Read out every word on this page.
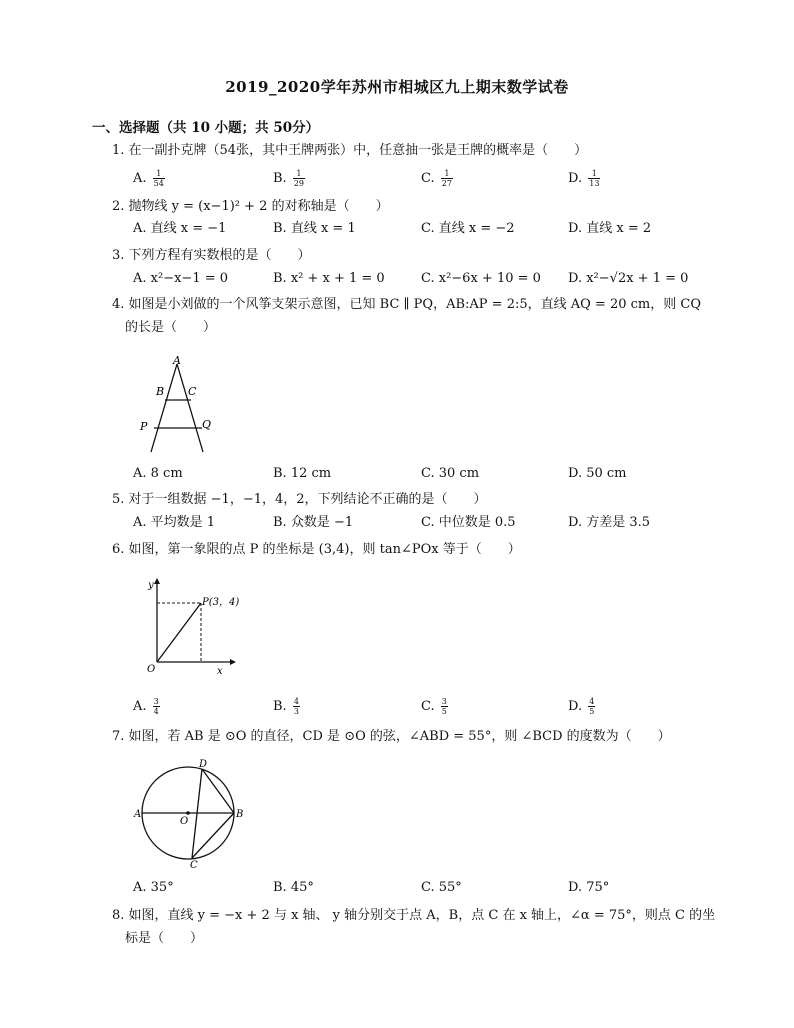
2019_2020学年苏州市相城区九上期末数学试卷
一、选择题（共 10 小题；共 50分）
1. 在一副扑克牌（54张，其中王牌两张）中，任意抽一张是王牌的概率是（　　）
A. $\frac{1}{54}$	B. $\frac{1}{29}$	C. $\frac{1}{27}$	D. $\frac{1}{13}$
2. 抛物线 y = (x−1)² + 2 的对称轴是（　　）
A. 直线 x = −1	B. 直线 x = 1	C. 直线 x = −2	D. 直线 x = 2
3. 下列方程有实数根的是（　　）
A. x²−x−1 = 0	B. x² + x + 1 = 0	C. x²−6x + 10 = 0 D. x²−√2x + 1 = 0
4. 如图是小刘做的一个风筝支架示意图，已知 BC ∥ PQ，AB:AP = 2:5，直线 AQ = 20 cm，则 CQ
的长是（　　）
A
B C
P	Q
A. 8 cm	B. 12 cm	C. 30 cm	D. 50 cm
5. 对于一组数据 −1，−1，4，2，下列结论不正确的是（　　）
A. 平均数是 1	B. 众数是 −1	C. 中位数是 0.5	D. 方差是 3.5
6. 如图，第一象限的点 P 的坐标是 (3,4)，则 tan∠POx 等于（　　）
y
x
O
P(3，4)
A. $\frac{3}{4}$	B. $\frac{4}{3}$	C. $\frac{3}{5}$	D. $\frac{4}{5}$
7. 如图，若 AB 是 ⊙O 的直径，CD 是 ⊙O 的弦，∠ABD = 55°，则 ∠BCD 的度数为（　　）
A	B
C
D
O
A. 35°	B. 45°	C. 55°	D. 75°
8. 如图，直线 y = −x + 2 与 x 轴、 y 轴分别交于点 A，B，点 C 在 x 轴上，∠α = 75°，则点 C 的坐
标是（　　）
